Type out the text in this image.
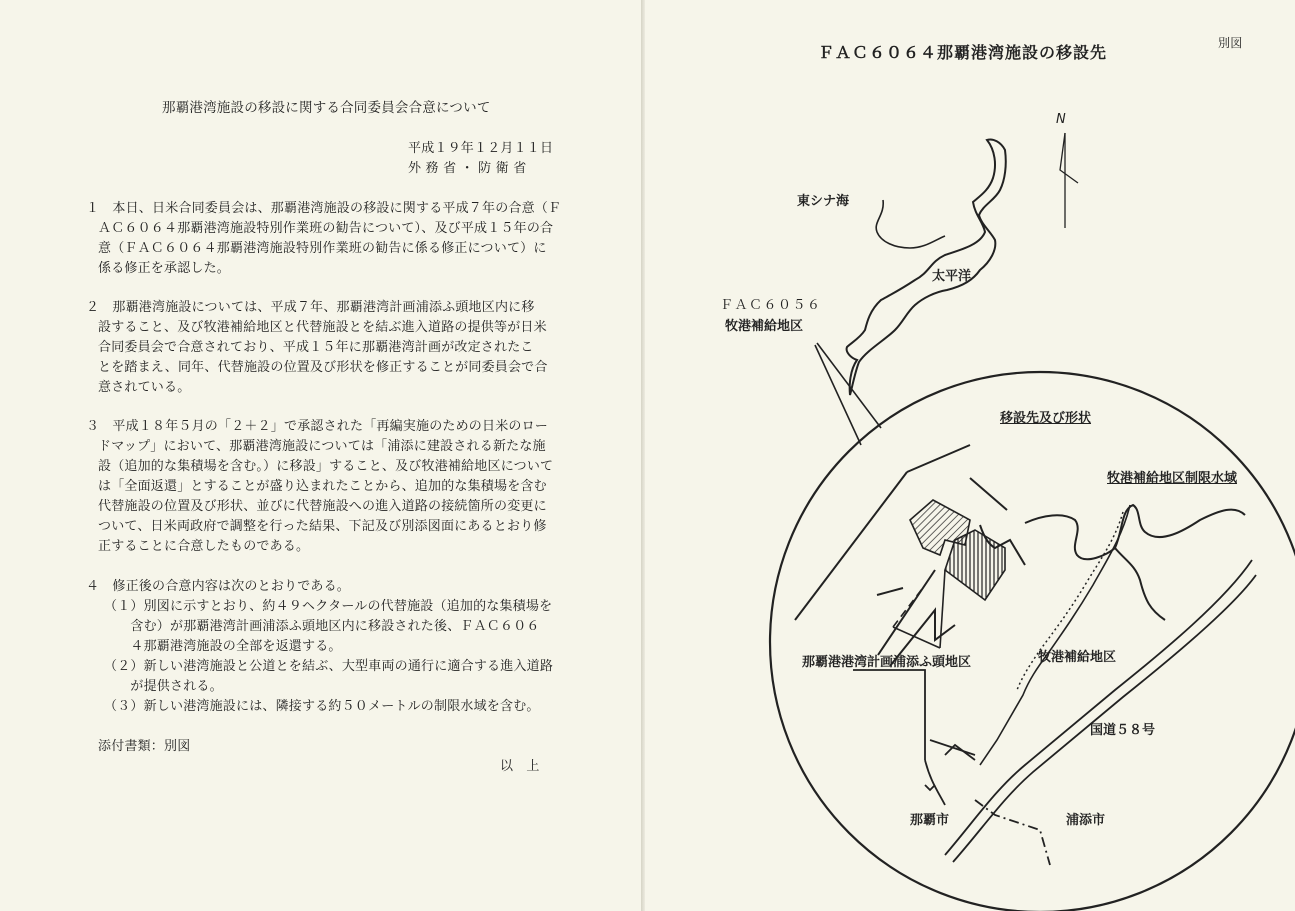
那覇港湾施設の移設に関する合同委員会合意について
平成１９年１２月１１日
外 務 省 ・ 防 衛 省
１　本日、日米合同委員会は、那覇港湾施設の移設に関する平成７年の合意（Ｆ
ＡＣ６０６４那覇港湾施設特別作業班の勧告について）、及び平成１５年の合
意（ＦＡＣ６０６４那覇港湾施設特別作業班の勧告に係る修正について）に
係る修正を承認した。
２　那覇港湾施設については、平成７年、那覇港湾計画浦添ふ頭地区内に移
設すること、及び牧港補給地区と代替施設とを結ぶ進入道路の提供等が日米
合同委員会で合意されており、平成１５年に那覇港湾計画が改定されたこ
とを踏まえ、同年、代替施設の位置及び形状を修正することが同委員会で合
意されている。
３　平成１８年５月の「２＋２」で承認された「再編実施のための日米のロー
ドマップ」において、那覇港湾施設については「浦添に建設される新たな施
設（追加的な集積場を含む。）に移設」すること、及び牧港補給地区について
は「全面返還」とすることが盛り込まれたことから、追加的な集積場を含む
代替施設の位置及び形状、並びに代替施設への進入道路の接続箇所の変更に
ついて、日米両政府で調整を行った結果、下記及び別添図面にあるとおり修
正することに合意したものである。
４　修正後の合意内容は次のとおりである。
（１）別図に示すとおり、約４９ヘクタールの代替施設（追加的な集積場を
　　含む）が那覇港湾計画浦添ふ頭地区内に移設された後、ＦＡＣ６０６
　　４那覇港湾施設の全部を返還する。
（２）新しい港湾施設と公道とを結ぶ、大型車両の通行に適合する進入道路
　　が提供される。
（３）新しい港湾施設には、隣接する約５０メートルの制限水域を含む。
添付書類：別図
以　上
別図
ＦＡＣ６０６４那覇港湾施設の移設先
東シナ海
太平洋
ＦＡＣ６０５６
牧港補給地区
移設先及び形状
牧港補給地区制限水域
那覇港港湾計画浦添ふ頭地区	牧港補給地区
国道５８号
那覇市	浦添市
N
